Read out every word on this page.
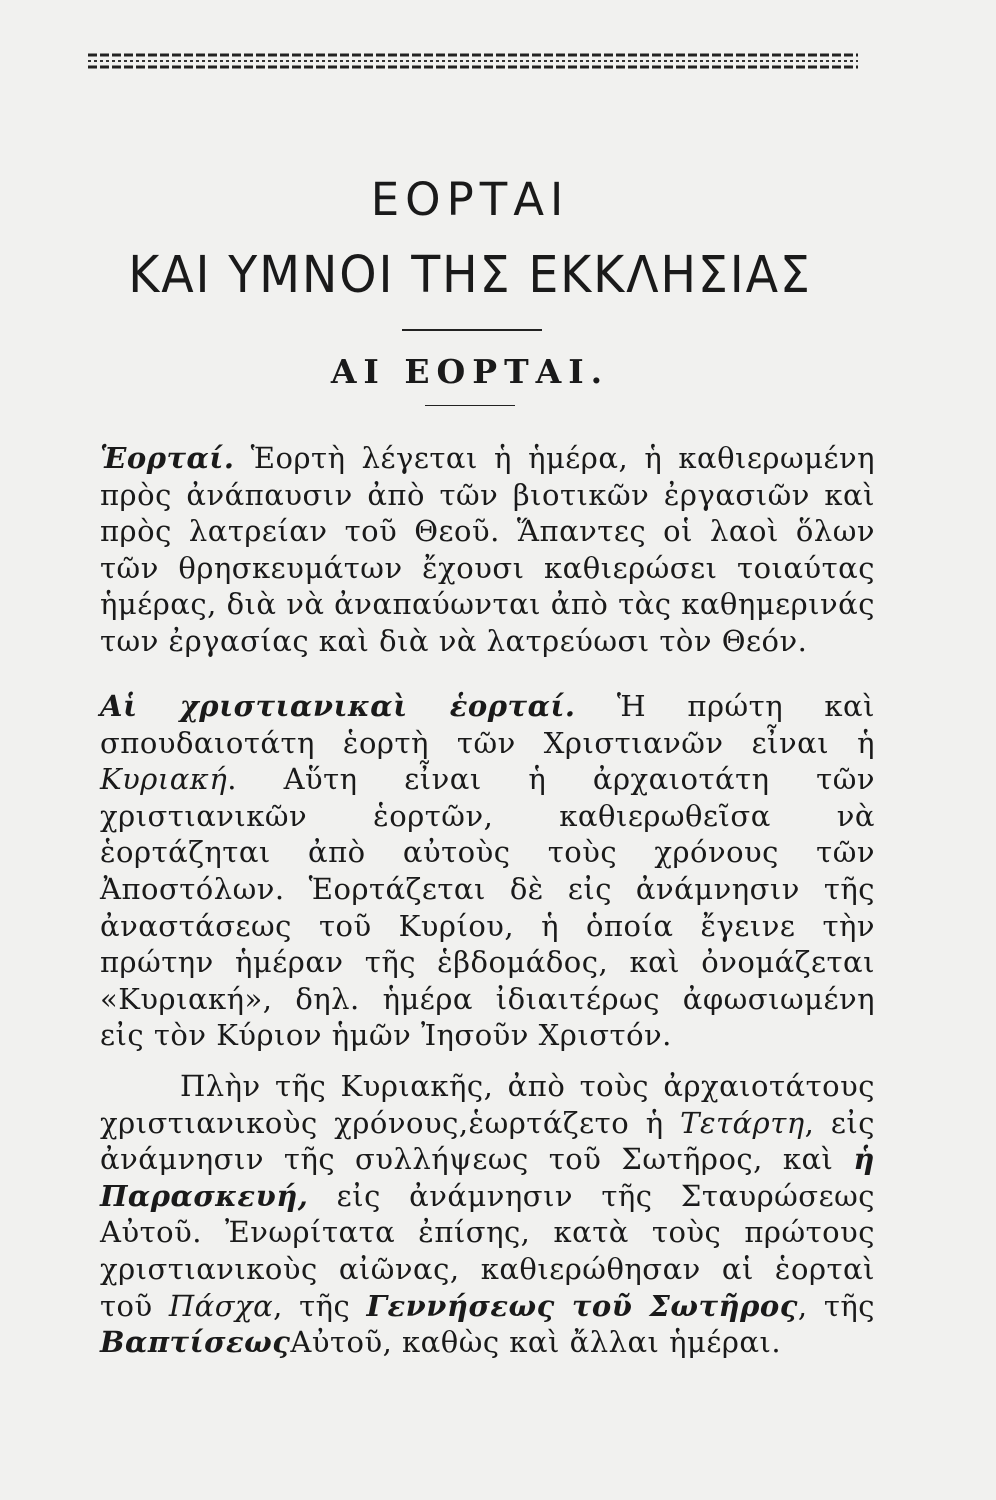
ΕΟΡΤΑΙ
ΚΑΙ ΥΜΝΟΙ ΤΗΣ ΕΚΚΛΗΣΙΑΣ
ΑΙ ΕΟΡΤΑΙ.
Ἑορταί. Ἑορτὴ λέγεται ἡ ἡμέρα, ἡ καθιερωμένη πρὸς ἀνάπαυσιν ἀπὸ τῶν βιοτικῶν ἐργασιῶν καὶ πρὸς λατρείαν τοῦ Θεοῦ. Ἅπαντες οἱ λαοὶ ὅλων τῶν θρησκευμάτων ἔχουσι καθιερώσει τοιαύτας ἡμέρας, διὰ νὰ ἀναπαύωνται ἀπὸ τὰς καθημερινάς των ἐργασίας καὶ διὰ νὰ λατρεύωσι τὸν Θεόν.
Αἱ χριστιανικαὶ ἑορταί. Ἡ πρώτη καὶ σπουδαιοτάτη ἑορτὴ τῶν Χριστιανῶν εἶναι ἡ Κυριακή. Αὕτη εἶναι ἡ ἀρχαιοτάτη τῶν χριστιανικῶν ἑορτῶν, καθιερωθεῖσα νὰ ἑορτάζηται ἀπὸ αὐτοὺς τοὺς χρόνους τῶν Ἀποστόλων. Ἑορτάζεται δὲ εἰς ἀνάμνησιν τῆς ἀναστάσεως τοῦ Κυρίου, ἡ ὁποία ἔγεινε τὴν πρώτην ἡμέραν τῆς ἑβδομάδος, καὶ ὀνομάζεται «Κυριακή», δηλ. ἡμέρα ἰδιαιτέρως ἀφωσιωμένη εἰς τὸν Κύριον ἡμῶν Ἰησοῦν Χριστόν.
Πλὴν τῆς Κυριακῆς, ἀπὸ τοὺς ἀρχαιοτάτους χριστιανικοὺς χρόνους,ἑωρτάζετο ἡ Τετάρτη, εἰς ἀνάμνησιν τῆς συλλήψεως τοῦ Σωτῆρος, καὶ ἡ Παρασκευή, εἰς ἀνάμνησιν τῆς Σταυρώσεως Αὐτοῦ. Ἐνωρίτατα ἐπίσης, κατὰ τοὺς πρώτους χριστιανικοὺς αἰῶνας, καθιερώθησαν αἱ ἑορταὶ τοῦ Πάσχα, τῆς Γεννήσεως τοῦ Σωτῆρος, τῆς ΒαπτίσεωςΑὐτοῦ, καθὼς καὶ ἄλλαι ἡμέραι.
